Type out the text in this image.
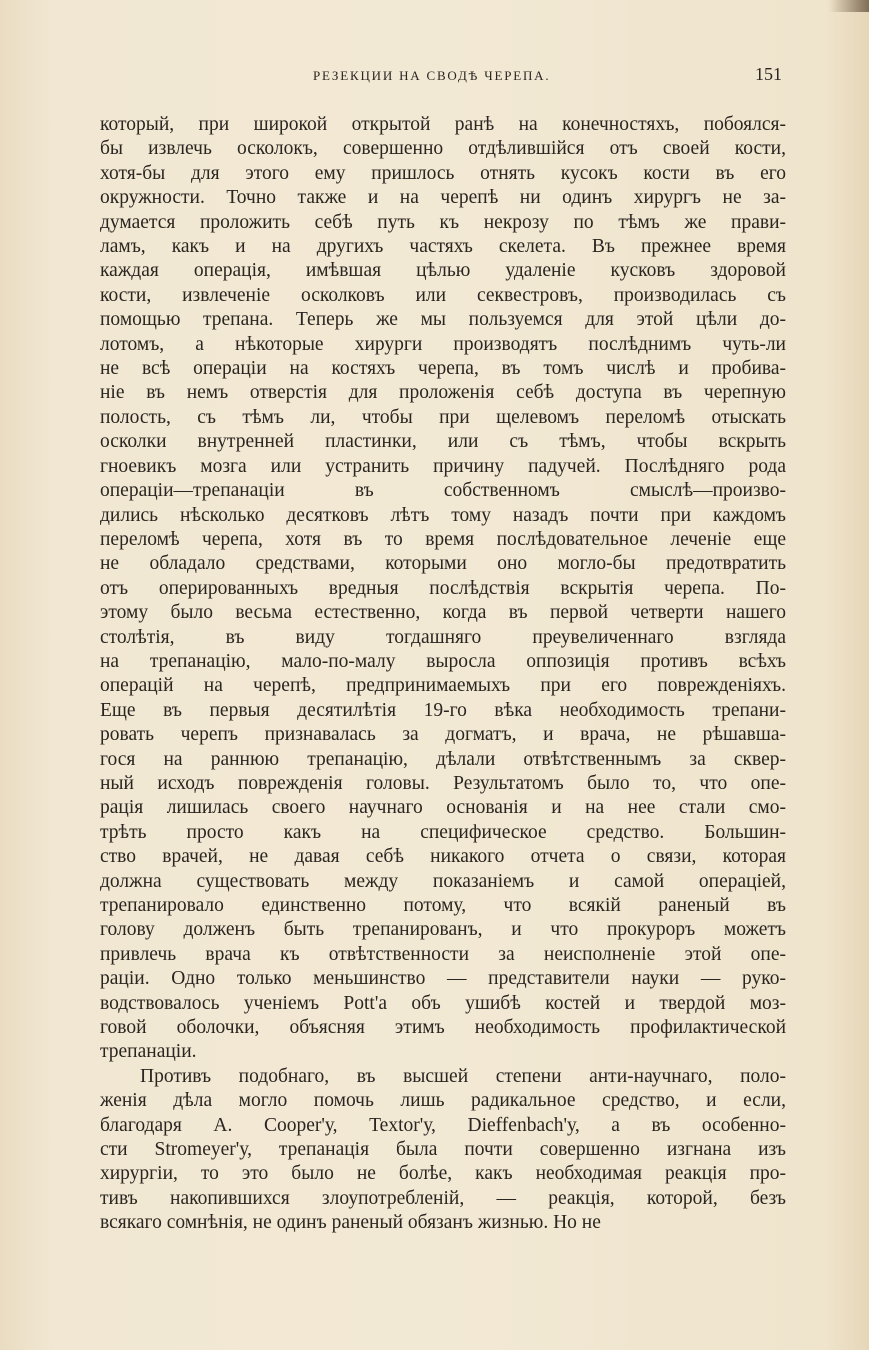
РЕЗЕКЦИИ НА СВОДѢ ЧЕРЕПА.	151
который, при широкой открытой ранѣ на конечностяхъ, побоялся-
бы извлечь осколокъ, совершенно отдѣлившійся отъ своей кости,
хотя-бы для этого ему пришлось отнять кусокъ кости въ его
окружности. Точно также и на черепѣ ни одинъ хирургъ не за-
думается проложить себѣ путь къ некрозу по тѣмъ же прави-
ламъ, какъ и на другихъ частяхъ скелета. Въ прежнее время
каждая операція, имѣвшая цѣлью удаленіе кусковъ здоровой
кости, извлеченіе осколковъ или секвестровъ, производилась съ
помощью трепана. Теперь же мы пользуемся для этой цѣли до-
лотомъ, а нѣкоторые хирурги производятъ послѣднимъ чуть-ли
не всѣ операціи на костяхъ черепа, въ томъ числѣ и пробива-
ніе въ немъ отверстія для проложенія себѣ доступа въ черепную
полость, съ тѣмъ ли, чтобы при щелевомъ переломѣ отыскать
осколки внутренней пластинки, или съ тѣмъ, чтобы вскрыть
гноевикъ мозга или устранить причину падучей. Послѣдняго рода
операціи—трепанаціи въ собственномъ смыслѣ—произво-
дились нѣсколько десятковъ лѣтъ тому назадъ почти при каждомъ
переломѣ черепа, хотя въ то время послѣдовательное леченіе еще
не обладало средствами, которыми оно могло-бы предотвратить
отъ оперированныхъ вредныя послѣдствія вскрытія черепа. По-
этому было весьма естественно, когда въ первой четверти нашего
столѣтія, въ виду тогдашняго преувеличеннаго взгляда
на трепанацію, мало-по-малу выросла оппозиція противъ всѣхъ
операцій на черепѣ, предпринимаемыхъ при его поврежденіяхъ.
Еще въ первыя десятилѣтія 19-го вѣка необходимость трепани-
ровать черепъ признавалась за догматъ, и врача, не рѣшавша-
гося на раннюю трепанацію, дѣлали отвѣтственнымъ за сквер-
ный исходъ поврежденія головы. Результатомъ было то, что опе-
рація лишилась своего научнаго основанія и на нее стали смо-
трѣть просто какъ на специфическое средство. Большин-
ство врачей, не давая себѣ никакого отчета о связи, которая
должна существовать между показаніемъ и самой операціей,
трепанировало единственно потому, что всякій раненый въ
голову долженъ быть трепанированъ, и что прокуроръ можетъ
привлечь врача къ отвѣтственности за неисполненіе этой опе-
раціи. Одно только меньшинство — представители науки — руко-
водствовалось ученіемъ Pott'а объ ушибѣ костей и твердой мoз-
говой оболочки, объясняя этимъ необходимость профилактической
трепанаціи.
Противъ подобнаго, въ высшей степени анти-научнаго, поло-
женія дѣла могло помочь лишь радикальное средство, и если,
благодаря A. Cooper'у, Textor'у, Dieffenbach'у, а въ особенно-
сти Stromeyer'у, трепанація была почти совершенно изгнана изъ
хирургіи, то это было не болѣе, какъ необходимая реакція про-
тивъ накопившихся злоупотребленій, — реакція, которой, безъ
всякаго сомнѣнія, не одинъ раненый обязанъ жизнью. Но не
